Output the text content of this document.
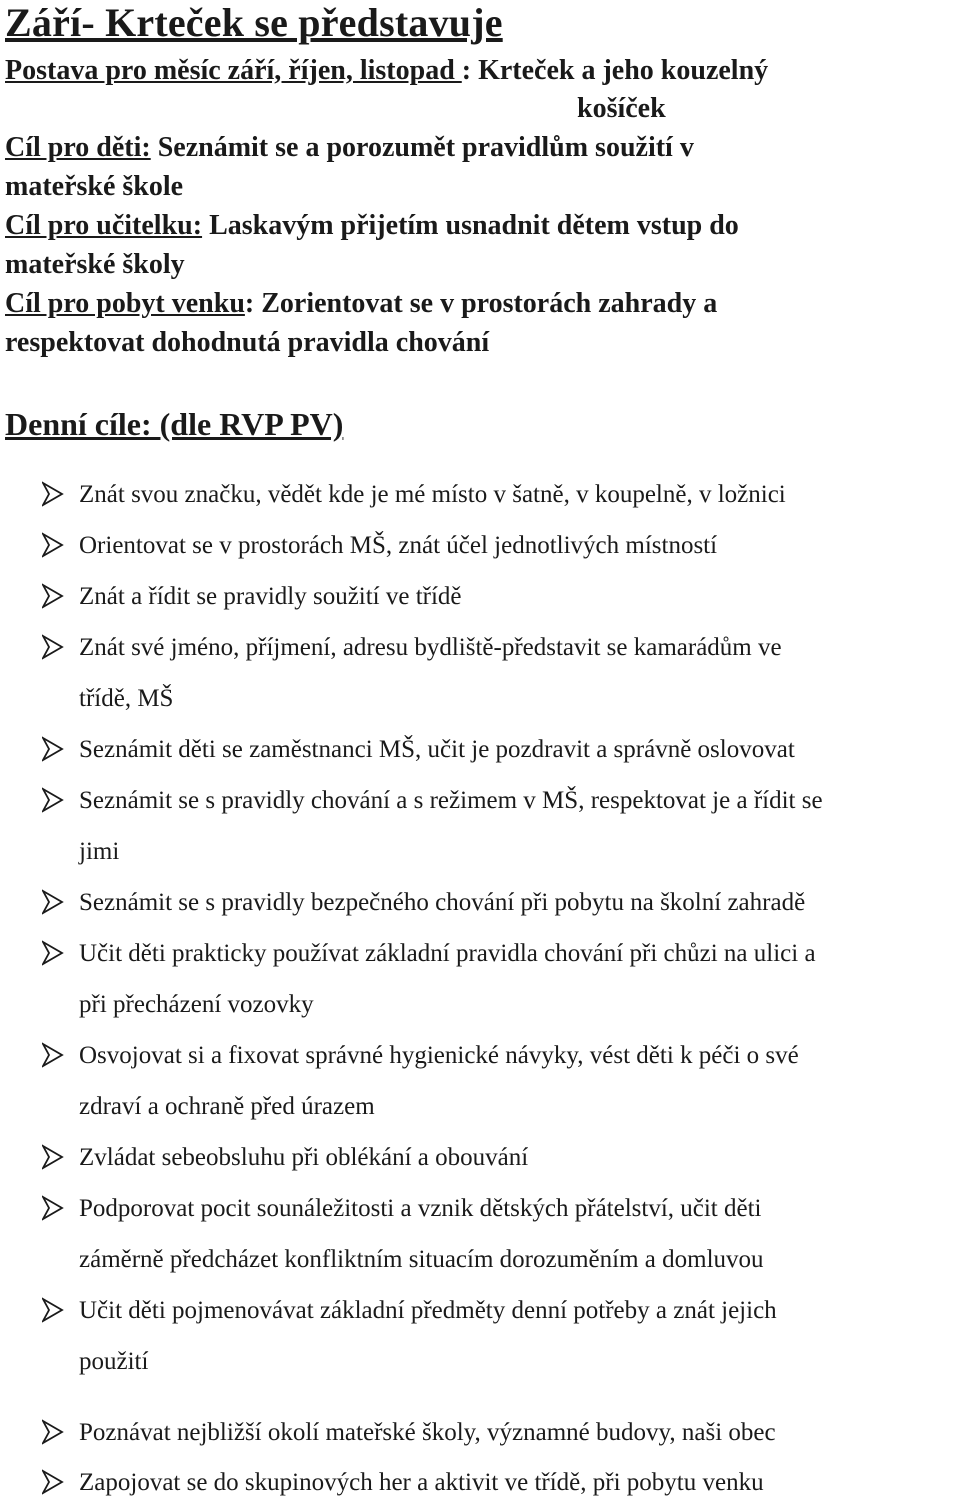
Září- Krteček se představuje

Postava pro měsíc září, říjen, listopad : Krteček a jeho kouzelný

košíček

Cíl pro děti: Seznámit se a porozumět pravidlům soužití v

mateřské škole

Cíl pro učitelku: Laskavým přijetím usnadnit dětem vstup do

mateřské školy

Cíl pro pobyt venku: Zorientovat se v prostorách zahrady a

respektovat dohodnutá pravidla chování

Denní cíle: (dle RVP PV)
Znát svou značku, vědět kde je mé místo v šatně, v koupelně, v ložnici
Orientovat se v prostorách MŠ, znát účel jednotlivých místností
Znát a řídit se pravidly soužití ve třídě
Znát své jméno, příjmení, adresu bydliště-představit se kamarádům ve
třídě, MŠ
Seznámit děti se zaměstnanci MŠ, učit je pozdravit a správně oslovovat
Seznámit se s pravidly chování a s režimem v MŠ, respektovat je a řídit se
jimi
Seznámit se s pravidly bezpečného chování při pobytu na školní zahradě
Učit děti prakticky používat základní pravidla chování při chůzi na ulici a
při přecházení vozovky
Osvojovat si a fixovat správné hygienické návyky, vést děti k péči o své
zdraví a ochraně před úrazem
Zvládat sebeobsluhu při oblékání a obouvání
Podporovat pocit sounáležitosti a vznik dětských přátelství, učit děti
záměrně předcházet konfliktním situacím dorozuměním a domluvou
Učit děti pojmenovávat základní předměty denní potřeby a znát jejich
použití
Poznávat nejbližší okolí mateřské školy, významné budovy, naši obec
Zapojovat se do skupinových her a aktivit ve třídě, při pobytu venku
